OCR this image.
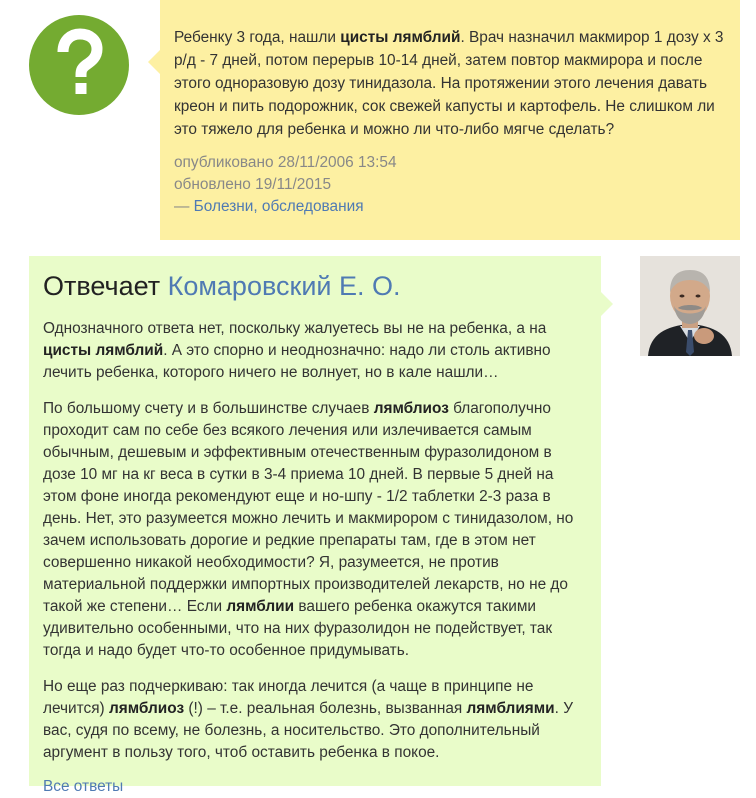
Ребенку 3 года, нашли цисты лямблий. Врач назначил макмирор 1 дозу x 3 р/д - 7 дней, потом перерыв 10-14 дней, затем повтор макмирора и после этого одноразовую дозу тинидазола. На протяжении этого лечения давать креон и пить подорожник, сок свежей капусты и картофель. Не слишком ли это тяжело для ребенка и можно ли что-либо мягче сделать?

опубликовано 28/11/2006 13:54
обновлено 19/11/2015
— Болезни, обследования
Отвечает Комаровский Е. О.

Однозначного ответа нет, поскольку жалуетесь вы не на ребенка, а на цисты лямблий. А это спорно и неоднозначно: надо ли столь активно лечить ребенка, которого ничего не волнует, но в кале нашли…

По большому счету и в большинстве случаев лямблиоз благополучно проходит сам по себе без всякого лечения или излечивается самым обычным, дешевым и эффективным отечественным фуразолидоном в дозе 10 мг на кг веса в сутки в 3-4 приема 10 дней. В первые 5 дней на этом фоне иногда рекомендуют еще и но-шпу - 1/2 таблетки 2-3 раза в день. Нет, это разумеется можно лечить и макмирором с тинидазолом, но зачем использовать дорогие и редкие препараты там, где в этом нет совершенно никакой необходимости? Я, разумеется, не против материальной поддержки импортных производителей лекарств, но не до такой же степени… Если лямблии вашего ребенка окажутся такими удивительно особенными, что на них фуразолидон не подействует, так тогда и надо будет что-то особенное придумывать.

Но еще раз подчеркиваю: так иногда лечится (а чаще в принципе не лечится) лямблиоз (!) – т.е. реальная болезнь, вызванная лямблиями. У вас, судя по всему, не болезнь, а носительство. Это дополнительный аргумент в пользу того, чтоб оставить ребенка в покое.

Все ответы
